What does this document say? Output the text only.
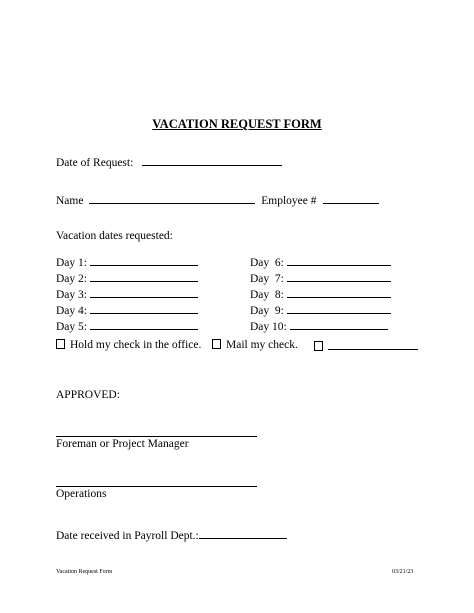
VACATION REQUEST FORM
Date of Request:
Name	Employee #
Vacation dates requested:
Day 1:
Day 2:
Day 3:
Day 4:
Day 5:
Day  6:
Day  7:
Day  8:
Day  9:
Day 10:
Hold my check in the office.	Mail my check.
APPROVED:
Foreman or Project Manager
Operations
Date received in Payroll Dept.:
Vacation Request Form	03/21/23
